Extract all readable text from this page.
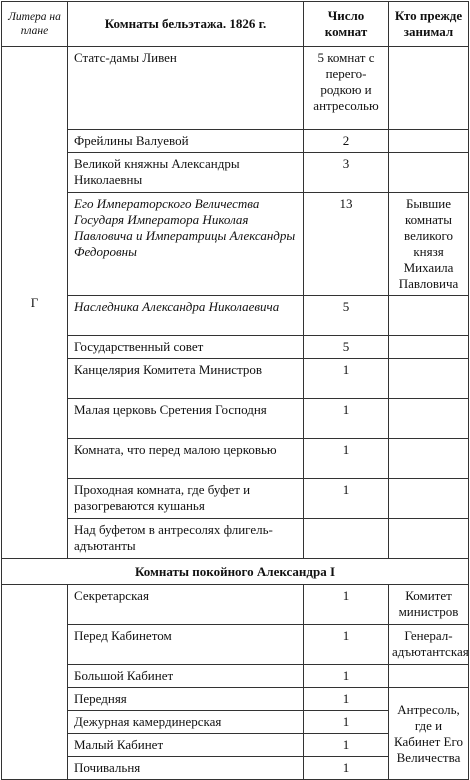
Литера на плане	Комнаты бельэтажа. 1826 г.	Число комнат	Кто прежде занимал

Г	Статс-дамы Ливен	5 комнат с перего-родкою и антресолью	
	Фрейлины Валуевой	2	
	Великой княжны Александры Николаевны	3	
	Его Императорского Величества Государя Императора Николая Павловича и Императрицы Александры Федоровны	13	Бывшие комнаты великого князя Михаила Павловича
	Наследника Александра Николаевича	5	
	Государственный совет	5	
	Канцелярия Комитета Министров	1	
	Малая церковь Сретения Господня	1	
	Комната, что перед малою церковью	1	
	Проходная комната, где буфет и разогреваются кушанья	1	
	Над буфетом в антресолях флигель-адъютанты		
Комнаты покойного Александра I			
	Секретарская	1	Комитет министров
	Перед Кабинетом	1	Генерал-адъютантская
	Большой Кабинет	1	
	Передняя	1	Антресоль, где и Кабинет Его Величества
	Дежурная камердинерская	1	
	Малый Кабинет	1	
	Почивальня	1	
